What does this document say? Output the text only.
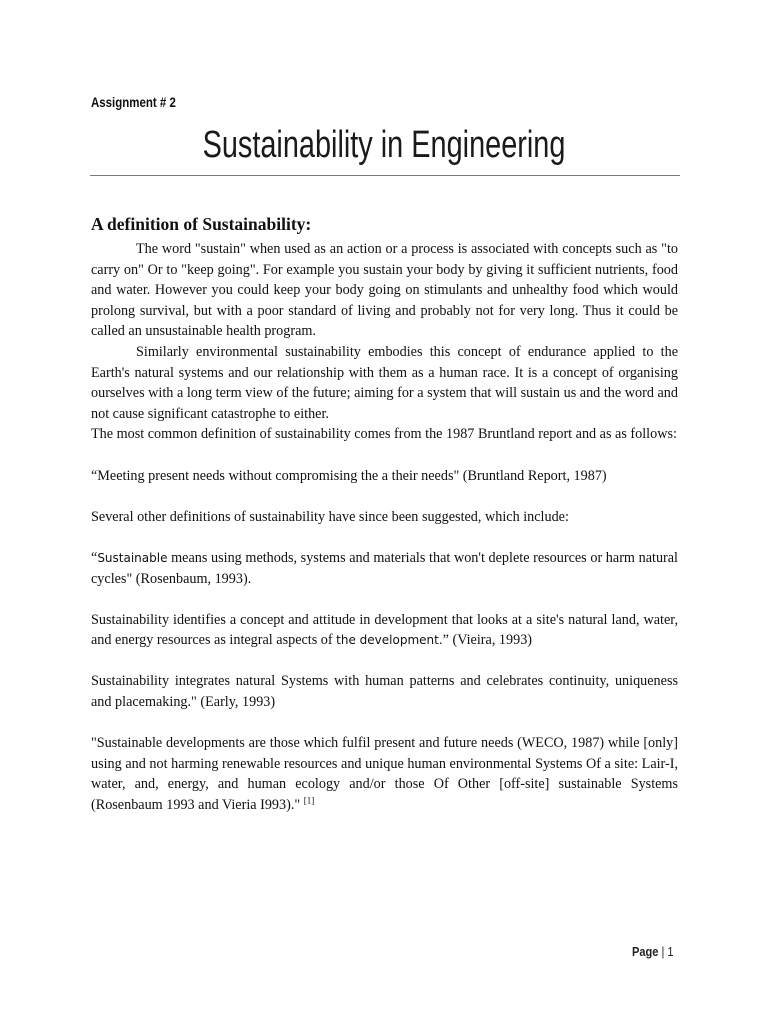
Assignment # 2
Sustainability in Engineering
A definition of Sustainability:

The word "sustain" when used as an action or a process is associated with concepts such as "to carry on" Or to "keep going". For example you sustain your body by giving it sufficient nutrients, food and water. However you could keep your body going on stimulants and unhealthy food which would prolong survival, but with a poor standard of living and probably not for very long. Thus it could be called an unsustainable health program.

Similarly environmental sustainability embodies this concept of endurance applied to the Earth's natural systems and our relationship with them as a human race. It is a concept of organising ourselves with a long term view of the future; aiming for a system that will sustain us and the word and not cause significant catastrophe to either.

The most common definition of sustainability comes from the 1987 Bruntland report and as as follows:

“Meeting present needs without compromising the a their needs" (Bruntland Report, 1987)

Several other definitions of sustainability have since been suggested, which include:

“Sustainable means using methods, systems and materials that won't deplete resources or harm natural cycles" (Rosenbaum, 1993).

Sustainability identifies a concept and attitude in development that looks at a site's natural land, water, and energy resources as integral aspects of the development.” (Vieira, 1993)

Sustainability integrates natural Systems with human patterns and celebrates continuity, uniqueness and placemaking." (Early, 1993)

"Sustainable developments are those which fulfil present and future needs (WECO, 1987) while [only] using and not harming renewable resources and unique human environmental Systems Of a site: Lair-I, water, and, energy, and human ecology and/or those Of Other [off-site] sustainable Systems (Rosenbaum 1993 and Vieria I993)." [1]

Page | 1
